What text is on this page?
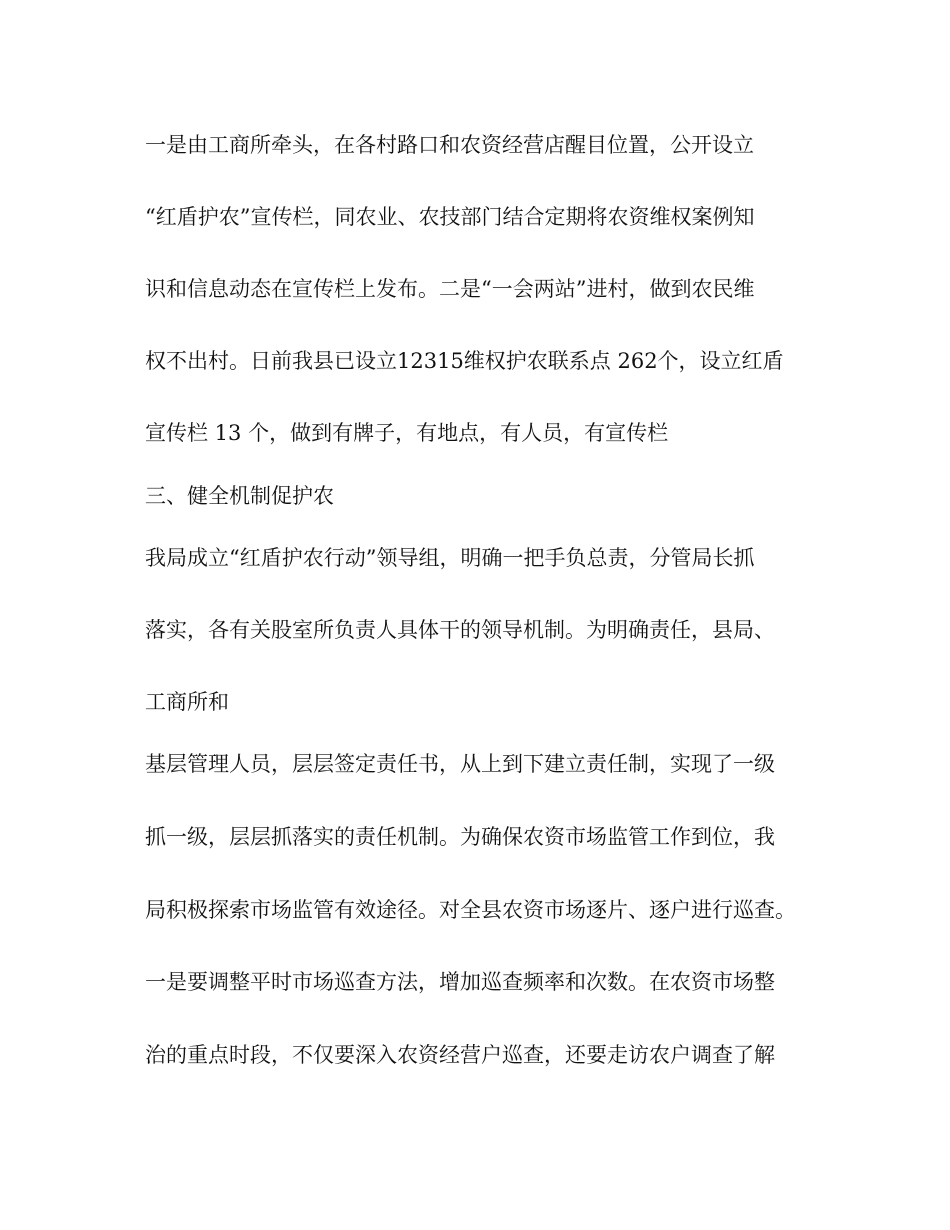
一是由工商所牵头，在各村路口和农资经营店醒目位置，公开设立

“红盾护农”宣传栏，同农业、农技部门结合定期将农资维权案例知

识和信息动态在宣传栏上发布。二是“一会两站”进村，做到农民维

权不出村。日前我县已设立12315维权护农联系点 262个，设立红盾

宣传栏 13 个，做到有牌子，有地点，有人员，有宣传栏

三、健全机制促护农

我局成立“红盾护农行动”领导组，明确一把手负总责，分管局长抓

落实，各有关股室所负责人具体干的领导机制。为明确责任，县局、

工商所和

基层管理人员，层层签定责任书，从上到下建立责任制，实现了一级

抓一级，层层抓落实的责任机制。为确保农资市场监管工作到位，我

局积极探索市场监管有效途径。对全县农资市场逐片、逐户进行巡查。

一是要调整平时市场巡查方法，增加巡查频率和次数。在农资市场整

治的重点时段，不仅要深入农资经营户巡查，还要走访农户调查了解
